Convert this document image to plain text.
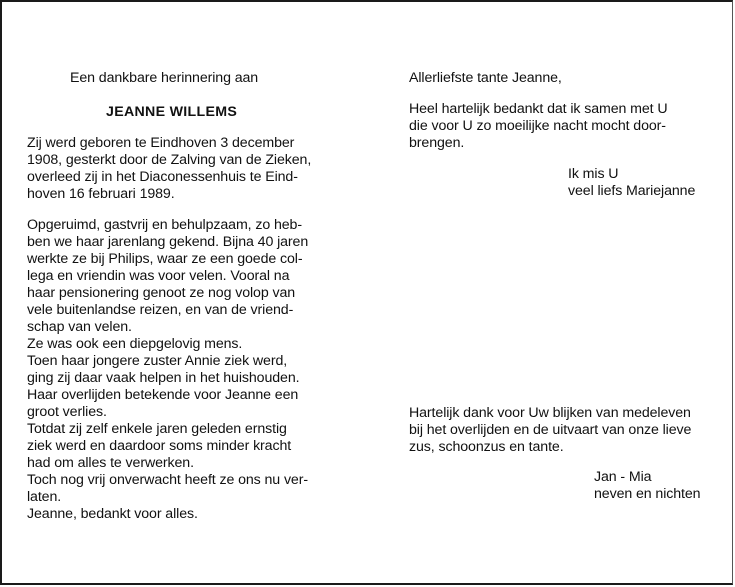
Een dankbare herinnering aan
JEANNE WILLEMS
Zij werd geboren te Eindhoven 3 december
1908, gesterkt door de Zalving van de Zieken,
overleed zij in het Diaconessenhuis te Eind-
hoven 16 februari 1989.
Opgeruimd, gastvrij en behulpzaam, zo heb-
ben we haar jarenlang gekend. Bijna 40 jaren
werkte ze bij Philips, waar ze een goede col-
lega en vriendin was voor velen. Vooral na
haar pensionering genoot ze nog volop van
vele buitenlandse reizen, en van de vriend-
schap van velen.
Ze was ook een diepgelovig mens.
Toen haar jongere zuster Annie ziek werd,
ging zij daar vaak helpen in het huishouden.
Haar overlijden betekende voor Jeanne een
groot verlies.
Totdat zij zelf enkele jaren geleden ernstig
ziek werd en daardoor soms minder kracht
had om alles te verwerken.
Toch nog vrij onverwacht heeft ze ons nu ver-
laten.
Jeanne, bedankt voor alles.
Allerliefste tante Jeanne,
Heel hartelijk bedankt dat ik samen met U
die voor U zo moeilijke nacht mocht door-
brengen.
Ik mis U
veel liefs Mariejanne
Hartelijk dank voor Uw blijken van medeleven
bij het overlijden en de uitvaart van onze lieve
zus, schoonzus en tante.
Jan - Mia
neven en nichten
